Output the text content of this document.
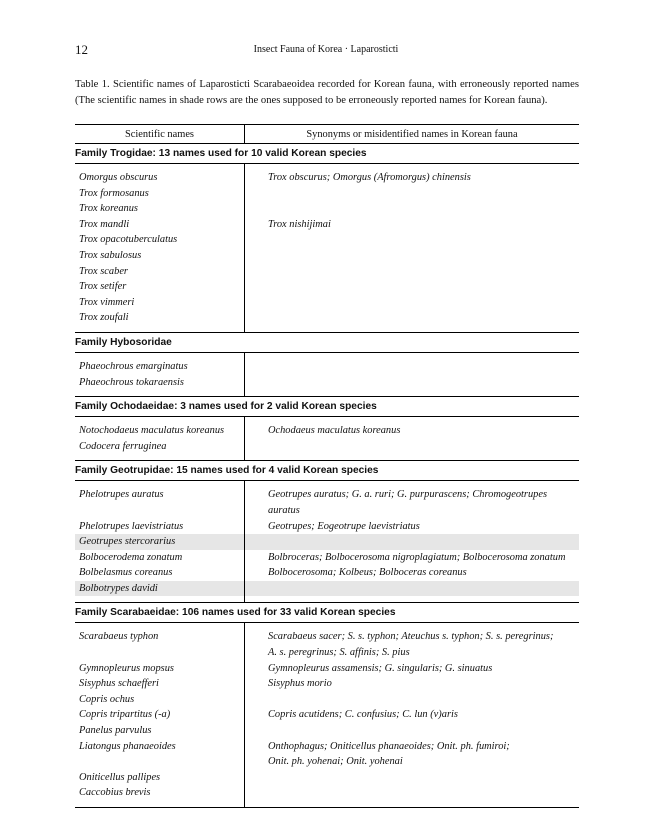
12	Insect Fauna of Korea · Laparosticti
Table 1. Scientific names of Laparosticti Scarabaeoidea recorded for Korean fauna, with erroneously reported names (The scientific names in shade rows are the ones supposed to be erroneously reported names for Korean fauna).
Scientific names	Synonyms or misidentified names in Korean fauna
Family Trogidae: 13 names used for 10 valid Korean species	

Omorgus obscurus	Trox obscurus; Omorgus (Afromorgus) chinensis
Trox formosanus	
Trox koreanus	
Trox mandli	Trox nishijimai
Trox opacotuberculatus	
Trox sabulosus	
Trox scaber	
Trox setifer	
Trox vimmeri	
Trox zoufali	

Family Hybosoridae	

Phaeochrous emarginatus	
Phaeochrous tokaraensis	

Family Ochodaeidae: 3 names used for 2 valid Korean species	

Notochodaeus maculatus koreanus	Ochodaeus maculatus koreanus
Codocera ferruginea	

Family Geotrupidae: 15 names used for 4 valid Korean species	

Phelotrupes auratus	Geotrupes auratus; G. a. ruri; G. purpurascens; Chromogeotrupes auratus
Phelotrupes laevistriatus	Geotrupes; Eogeotrupe laevistriatus
Geotrupes stercorarius	
Bolbocerodema zonatum	Bolbroceras; Bolbocerosoma nigroplagiatum; Bolbocerosoma zonatum
Bolbelasmus coreanus	Bolbocerosoma; Kolbeus; Bolboceras coreanus
Bolbotrypes davidi	

Family Scarabaeidae: 106 names used for 33 valid Korean species	

Scarabaeus typhon	Scarabaeus sacer; S. s. typhon; Ateuchus s. typhon; S. s. peregrinus;
	A. s. peregrinus; S. affinis; S. pius
Gymnopleurus mopsus	Gymnopleurus assamensis; G. singularis; G. sinuatus
Sisyphus schaefferi	Sisyphus morio
Copris ochus	
Copris tripartitus (-a)	Copris acutidens; C. confusius; C. lun (v)aris
Panelus parvulus	
Liatongus phanaeoides	Onthophagus; Oniticellus phanaeoides; Onit. ph. fumiroi;
	Onit. ph. yohenai; Onit. yohenai
Oniticellus pallipes	
Caccobius brevis	
